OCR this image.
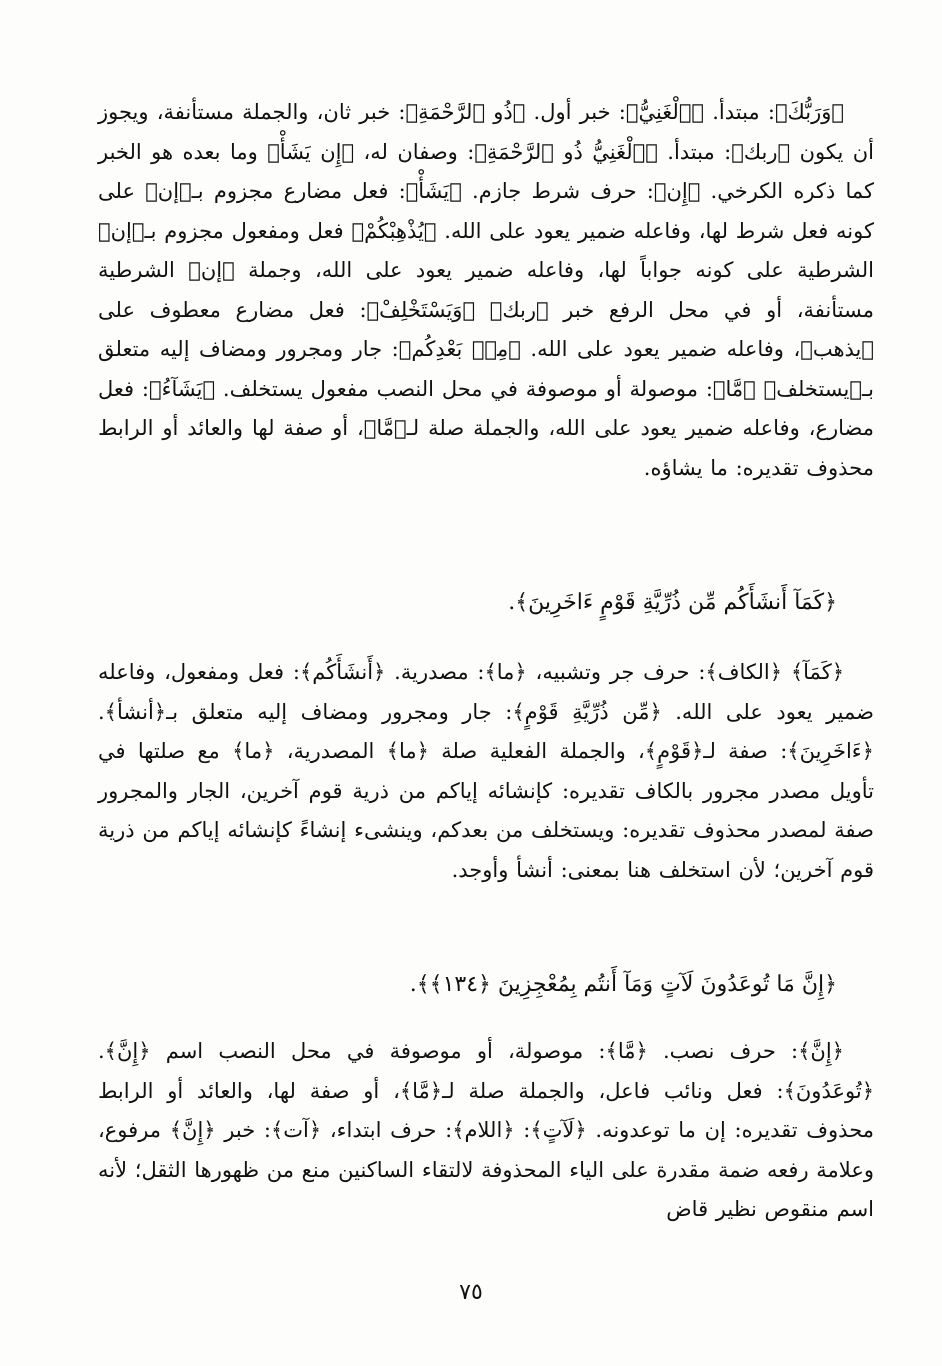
﴿وَرَبُّكَ﴾: مبتدأ. ﴿ٱلْغَنِيُّ﴾: خبر أول. ﴿ذُو ٱلرَّحْمَةِ﴾: خبر ثان، والجملة مستأنفة، ويجوز أن يكون ﴿ربك﴾: مبتدأ. ﴿ٱلْغَنِيُّ ذُو ٱلرَّحْمَةِ﴾: وصفان له، ﴿إِن يَشَأْ﴾ وما بعده هو الخبر كما ذكره الكرخي. ﴿إِن﴾: حرف شرط جازم. ﴿يَشَأْ﴾: فعل مضارع مجزوم بـ﴿إن﴾ على كونه فعل شرط لها، وفاعله ضمير يعود على الله. ﴿يُذْهِبْكُمْ﴾ فعل ومفعول مجزوم بـ﴿إن﴾ الشرطية على كونه جواباً لها، وفاعله ضمير يعود على الله، وجملة ﴿إن﴾ الشرطية مستأنفة، أو في محل الرفع خبر ﴿ربك﴾ ﴿وَيَسْتَخْلِفْ﴾: فعل مضارع معطوف على ﴿يذهب﴾، وفاعله ضمير يعود على الله. ﴿مِنۢ بَعْدِكُم﴾: جار ومجرور ومضاف إليه متعلق بـ﴿يستخلف﴾ ﴿مَّا﴾: موصولة أو موصوفة في محل النصب مفعول يستخلف. ﴿يَشَآءُ﴾: فعل مضارع، وفاعله ضمير يعود على الله، والجملة صلة لـ﴿مَّا﴾، أو صفة لها والعائد أو الرابط محذوف تقديره: ما يشاؤه.
﴿كَمَآ أَنشَأَكُم مِّن ذُرِّيَّةِ قَوْمٍ ءَاخَرِينَ﴾.
﴿كَمَآ﴾ ﴿الكاف﴾: حرف جر وتشبيه، ﴿ما﴾: مصدرية. ﴿أَنشَأَكُم﴾: فعل ومفعول، وفاعله ضمير يعود على الله. ﴿مِّن ذُرِّيَّةِ قَوْمٍ﴾: جار ومجرور ومضاف إليه متعلق بـ﴿أنشأ﴾. ﴿ءَاخَرِينَ﴾: صفة لـ﴿قَوْمٍ﴾، والجملة الفعلية صلة ﴿ما﴾ المصدرية، ﴿ما﴾ مع صلتها في تأويل مصدر مجرور بالكاف تقديره: كإنشائه إياكم من ذرية قوم آخرين، الجار والمجرور صفة لمصدر محذوف تقديره: ويستخلف من بعدكم، وينشىء إنشاءً كإنشائه إياكم من ذرية قوم آخرين؛ لأن استخلف هنا بمعنى: أنشأ وأوجد.
﴿إِنَّ مَا تُوعَدُونَ لَآتٍ وَمَآ أَنتُم بِمُعْجِزِينَ ﴿١٣٤﴾﴾.
﴿إِنَّ﴾: حرف نصب. ﴿مَّا﴾: موصولة، أو موصوفة في محل النصب اسم ﴿إِنَّ﴾. ﴿تُوعَدُونَ﴾: فعل ونائب فاعل، والجملة صلة لـ﴿مَّا﴾، أو صفة لها، والعائد أو الرابط محذوف تقديره: إن ما توعدونه. ﴿لَآتٍ﴾: ﴿اللام﴾: حرف ابتداء، ﴿آت﴾: خبر ﴿إِنَّ﴾ مرفوع، وعلامة رفعه ضمة مقدرة على الياء المحذوفة لالتقاء الساكنين منع من ظهورها الثقل؛ لأنه اسم منقوص نظير قاض
٧٥
